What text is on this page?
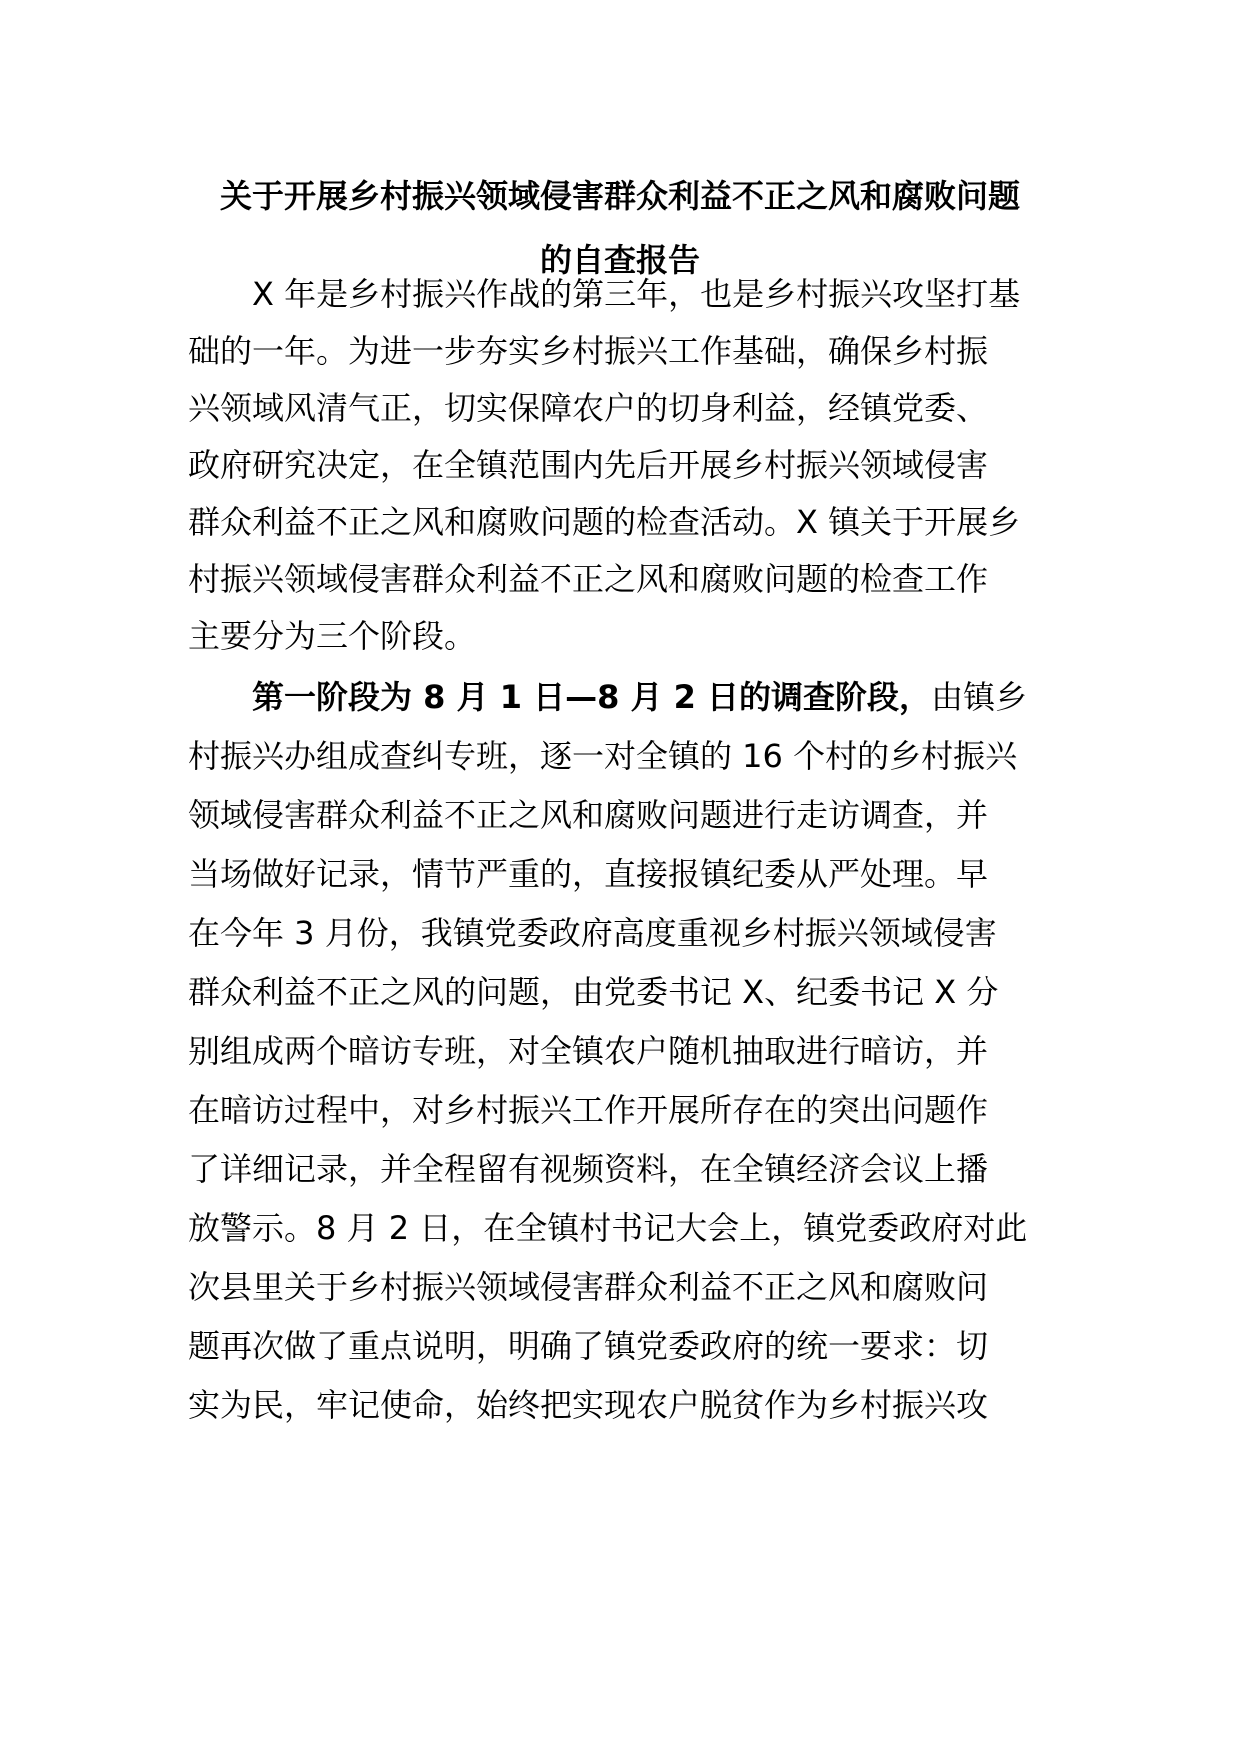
关于开展乡村振兴领域侵害群众利益不正之风和腐败问题
的自查报告

X 年是乡村振兴作战的第三年，也是乡村振兴攻坚打基

础的一年。为进一步夯实乡村振兴工作基础，确保乡村振

兴领域风清气正，切实保障农户的切身利益，经镇党委、

政府研究决定，在全镇范围内先后开展乡村振兴领域侵害

群众利益不正之风和腐败问题的检查活动。X 镇关于开展乡

村振兴领域侵害群众利益不正之风和腐败问题的检查工作

主要分为三个阶段。

第一阶段为 8 月 1 日—8 月 2 日的调查阶段，由镇乡

村振兴办组成查纠专班，逐一对全镇的 16 个村的乡村振兴

领域侵害群众利益不正之风和腐败问题进行走访调查，并

当场做好记录，情节严重的，直接报镇纪委从严处理。早

在今年 3 月份，我镇党委政府高度重视乡村振兴领域侵害

群众利益不正之风的问题，由党委书记 X、纪委书记 X 分

别组成两个暗访专班，对全镇农户随机抽取进行暗访，并

在暗访过程中，对乡村振兴工作开展所存在的突出问题作

了详细记录，并全程留有视频资料，在全镇经济会议上播

放警示。8 月 2 日，在全镇村书记大会上，镇党委政府对此

次县里关于乡村振兴领域侵害群众利益不正之风和腐败问

题再次做了重点说明，明确了镇党委政府的统一要求：切

实为民，牢记使命，始终把实现农户脱贫作为乡村振兴攻
